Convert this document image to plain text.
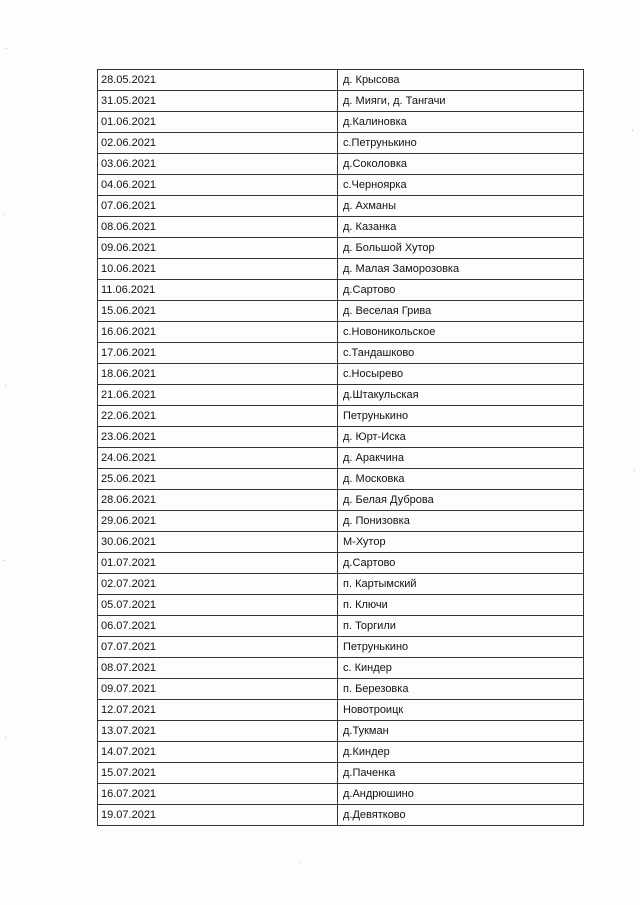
28.05.2021	д. Крысова
31.05.2021	д. Мияги, д. Тангачи
01.06.2021	д.Калиновка
02.06.2021	с.Петрунькино
03.06.2021	д.Соколовка
04.06.2021	с.Черноярка
07.06.2021	д. Ахманы
08.06.2021	д. Казанка
09.06.2021	д. Большой Хутор
10.06.2021	д. Малая Заморозовка
11.06.2021	д.Сартово
15.06.2021	д. Веселая Грива
16.06.2021	с.Новоникольское
17.06.2021	с.Тандашково
18.06.2021	с.Носырево
21.06.2021	д.Штакульская
22.06.2021	Петрунькино
23.06.2021	д. Юрт-Иска
24.06.2021	д. Аракчина
25.06.2021	д. Московка
28.06.2021	д. Белая Дуброва
29.06.2021	д. Понизовка
30.06.2021	М-Хутор
01.07.2021	д.Сартово
02.07.2021	п. Картымский
05.07.2021	п. Ключи
06.07.2021	п. Торгили
07.07.2021	Петрунькино
08.07.2021	с. Киндер
09.07.2021	п. Березовка
12.07.2021	Новотроицк
13.07.2021	д.Тукман
14.07.2021	д.Киндер
15.07.2021	д.Паченка
16.07.2021	д.Андрюшино
19.07.2021	д.Девятково
